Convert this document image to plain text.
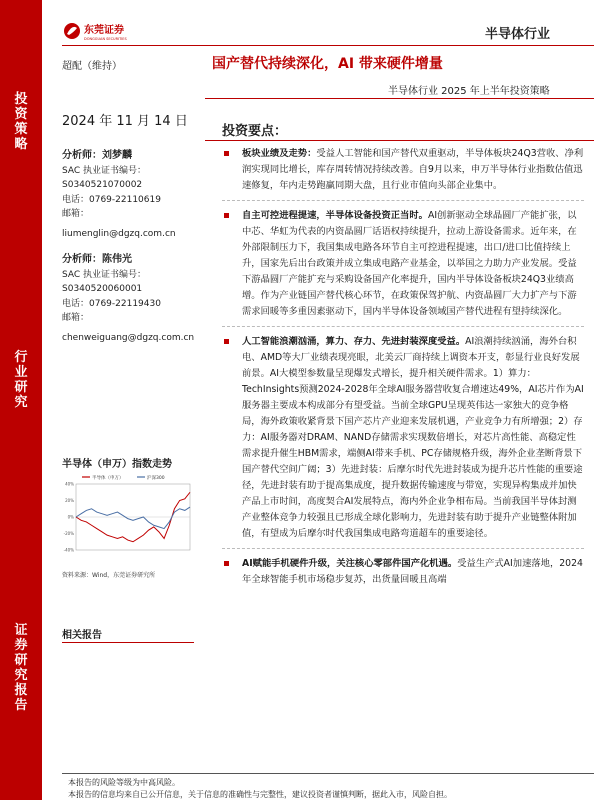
投
资
策
略
行
业
研
究
证
券
研
究
报
告
东莞证券
DONGGUAN SECURITIES	半导体行业
超配（维持）	国产替代持续深化，AI 带来硬件增量
半导体行业 2025 年上半年投资策略
2024 年 11 月 14 日
分析师：刘梦麟
SAC 执业证书编号：
S0340521070002
电话：0769-22110619
邮箱：
liumenglin@dgzq.com.cn
分析师：陈伟光
SAC 执业证书编号：
S0340520060001
电话：0769-22119430
邮箱：
chenweiguang@dgzq.com.cn
投资要点：
板块业绩及走势：受益人工智能和国产替代双重驱动，半导体板块24Q3营收、净利润实现同比增长，库存周转情况持续改善。自9月以来，申万半导体行业指数估值迅速修复，年内走势跑赢同期大盘，且行业市值向头部企业集中。
自主可控进程提速，半导体设备投资正当时。AI创新驱动全球晶圆厂产能扩张，以中芯、华虹为代表的内资晶圆厂话语权持续提升，拉动上游设备需求。近年来，在外部限制压力下，我国集成电路各环节自主可控进程提速，出口/进口比值持续上升，国家先后出台政策并成立集成电路产业基金，以举国之力助力产业发展。受益下游晶圆厂产能扩充与采购设备国产化率提升，国内半导体设备板块24Q3业绩高增。作为产业链国产替代核心环节，在政策保驾护航、内资晶圆厂大力扩产与下游需求回暖等多重因素驱动下，国内半导体设备领域国产替代进程有望持续深化。
人工智能浪潮汹涌，算力、存力、先进封装深度受益。AI浪潮持续汹涌，海外台积电、AMD等大厂业绩表现亮眼，北美云厂商持续上调资本开支，彰显行业良好发展前景。AI大模型参数量呈现爆发式增长，提升相关硬件需求。1）算力：TechInsights预测2024-2028年全球AI服务器营收复合增速达49%，AI芯片作为AI服务器主要成本构成部分有望受益。当前全球GPU呈现英伟达一家独大的竞争格局，海外政策收紧背景下国产芯片产业迎来发展机遇，产业竞争力有所增强；2）存力：AI服务器对DRAM、NAND存储需求实现数倍增长，对芯片高性能、高稳定性需求提升催生HBM需求，端侧AI带来手机、PC存储规格升级，海外企业垄断背景下国产替代空间广阔；3）先进封装：后摩尔时代先进封装成为提升芯片性能的重要途径，先进封装有助于提高集成度，提升数据传输速度与带宽，实现异构集成并加快产品上市时间，高度契合AI发展特点，海内外企业争相布局。当前我国半导体封测产业整体竞争力较强且已形成全球化影响力，先进封装有助于提升产业链整体附加值，有望成为后摩尔时代我国集成电路弯道超车的重要途径。
AI赋能手机硬件升级，关注核心零部件国产化机遇。受益生产式AI加速落地，2024年全球智能手机市场稳步复苏，出货量回暖且高端
半导体（申万）指数走势
-40%
-20%
0%
20%
40%
半导体（申万）	沪深300
资料来源：Wind，东莞证券研究所
相关报告
本报告的风险等级为中高风险。
本报告的信息均来自已公开信息，关于信息的准确性与完整性，建议投资者谨慎判断，据此入市，风险自担。
